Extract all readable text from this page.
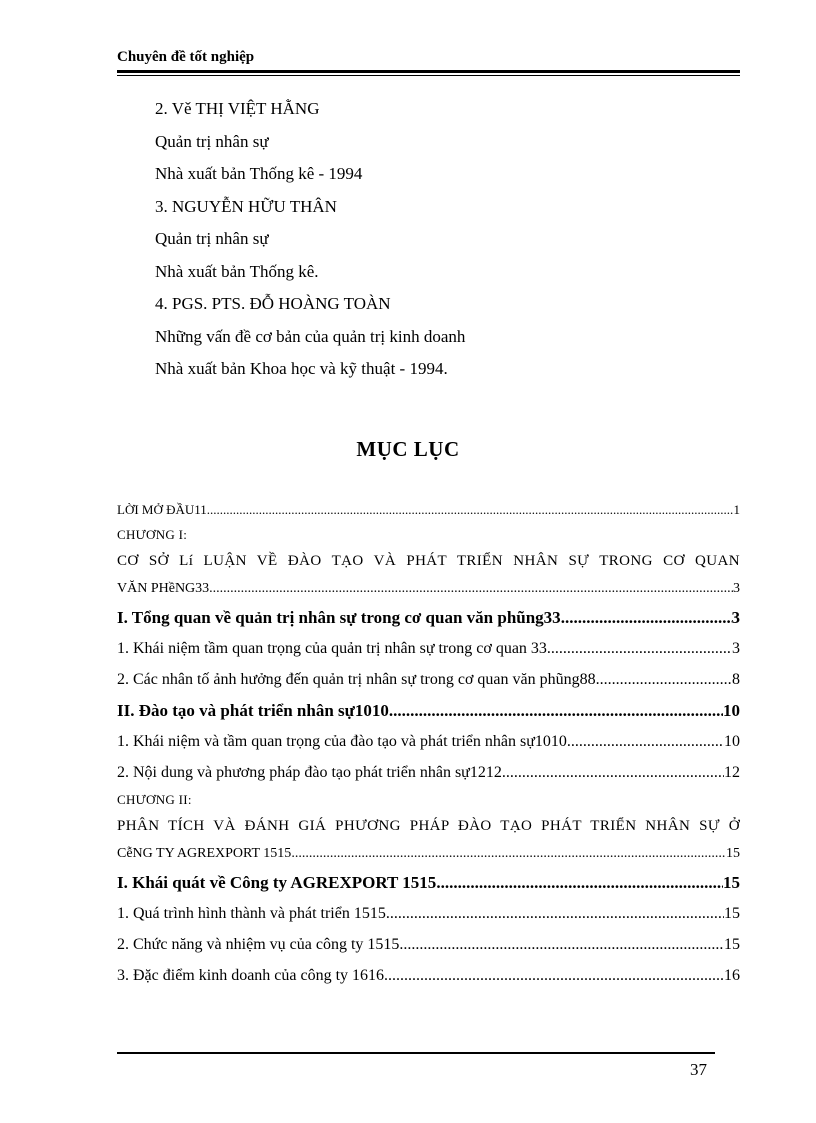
Chuyên đề tốt nghiệp
2. Vě THỊ VIỆT HẰNG
Quản trị nhân sự
Nhà xuất bản Thống kê - 1994
3. NGUYỄN HỮU THÂN
Quản trị nhân sự
Nhà xuất bản Thống kê.
4. PGS. PTS. ĐỖ HOÀNG TOÀN
Những vấn đề cơ bản của quản trị kinh doanh
Nhà xuất bản Khoa học và kỹ thuật - 1994.
MỤC LỤC
LỜI MỞ ĐẦU11 .....	1
CHƯƠNG I:
CƠ SỞ Lí LUẬN VỀ ĐÀO TẠO VÀ PHÁT TRIỂN NHÂN SỰ TRONG CƠ QUAN
VĂN PHềNG33 .....	3
I. Tổng quan về quản trị nhân sự trong cơ quan văn phũng33 .....	3
1. Khái niệm tầm quan trọng của quản trị nhân sự trong cơ quan 33 .....	3
2. Các nhân tố ảnh hưởng đến quản trị nhân sự trong cơ quan văn phũng88 .....	8
II. Đào tạo và phát triển nhân sự1010 .....	10
1. Khái niệm và tầm quan trọng của đào tạo và phát triển nhân sự1010 .....	10
2. Nội dung và phương pháp đào tạo phát triển nhân sự1212 .....	12
CHƯƠNG II:
PHÂN TÍCH VÀ ĐÁNH GIÁ PHƯƠNG PHÁP ĐÀO TẠO PHÁT TRIỂN NHÂN SỰ Ở
CễNG TY AGREXPORT 1515 .....	15
I. Khái quát về Công ty AGREXPORT 1515 .....	15
1. Quá trình hình thành và phát triển 1515 .....	15
2. Chức năng và nhiệm vụ của công ty 1515 .....	15
3. Đặc điểm kinh doanh của công ty 1616 .....	16
37
